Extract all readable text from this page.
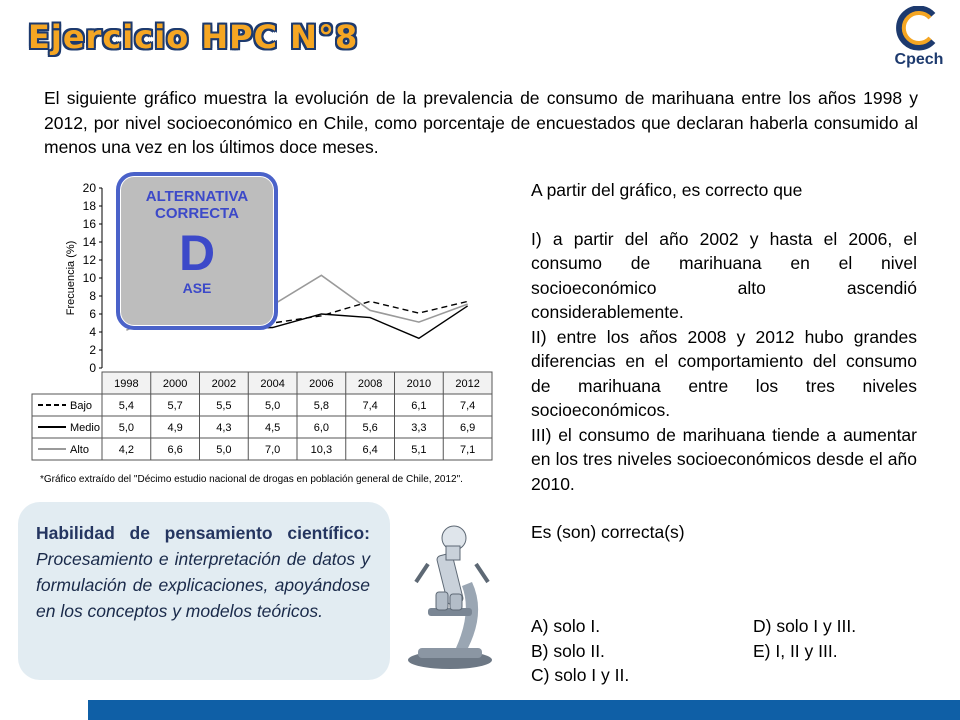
Ejercicio HPC N°8
Cpech
El siguiente gráfico muestra la evolución de la prevalencia de consumo de marihuana entre los años 1998 y 2012, por nivel socioeconómico en Chile, como porcentaje de encuestados que declaran haberla consumido al menos una vez en los últimos doce meses.
20
18
16
14
12
10
8
6
4
2
0
Frecuencia (%)
1998 2000 2002 2004 2006 2008 2010 2012
Bajo 5,4	5,7	5,5	5,0	5,8	7,4	6,1	7,4
Medio 5,0	4,9	4,3	4,5	6,0	5,6	3,3	6,9
Alto	4,2	6,6	5,0	7,0	10,3	6,4	5,1	7,1
*Gráfico extraído del "Décimo estudio nacional de drogas en población general de Chile, 2012".
ALTERNATIVA CORRECTA
D
ASE

Habilidad de pensamiento científico: Procesamiento e interpretación de datos y formulación de explicaciones, apoyándose en los conceptos y modelos teóricos.

A partir del gráfico, es correcto que

I) a partir del año 2002 y hasta el 2006, el consumo de marihuana en el nivel socioeconómico alto ascendió considerablemente.

II) entre los años 2008 y 2012 hubo grandes diferencias en el comportamiento del consumo de marihuana entre los tres niveles socioeconómicos.

III) el consumo de marihuana tiende a aumentar en los tres niveles socioeconómicos desde el año 2010.

Es (son) correcta(s)

A) solo I.	D) solo I y III.
B) solo II.	E) I, II y III.
C) solo I y II.
